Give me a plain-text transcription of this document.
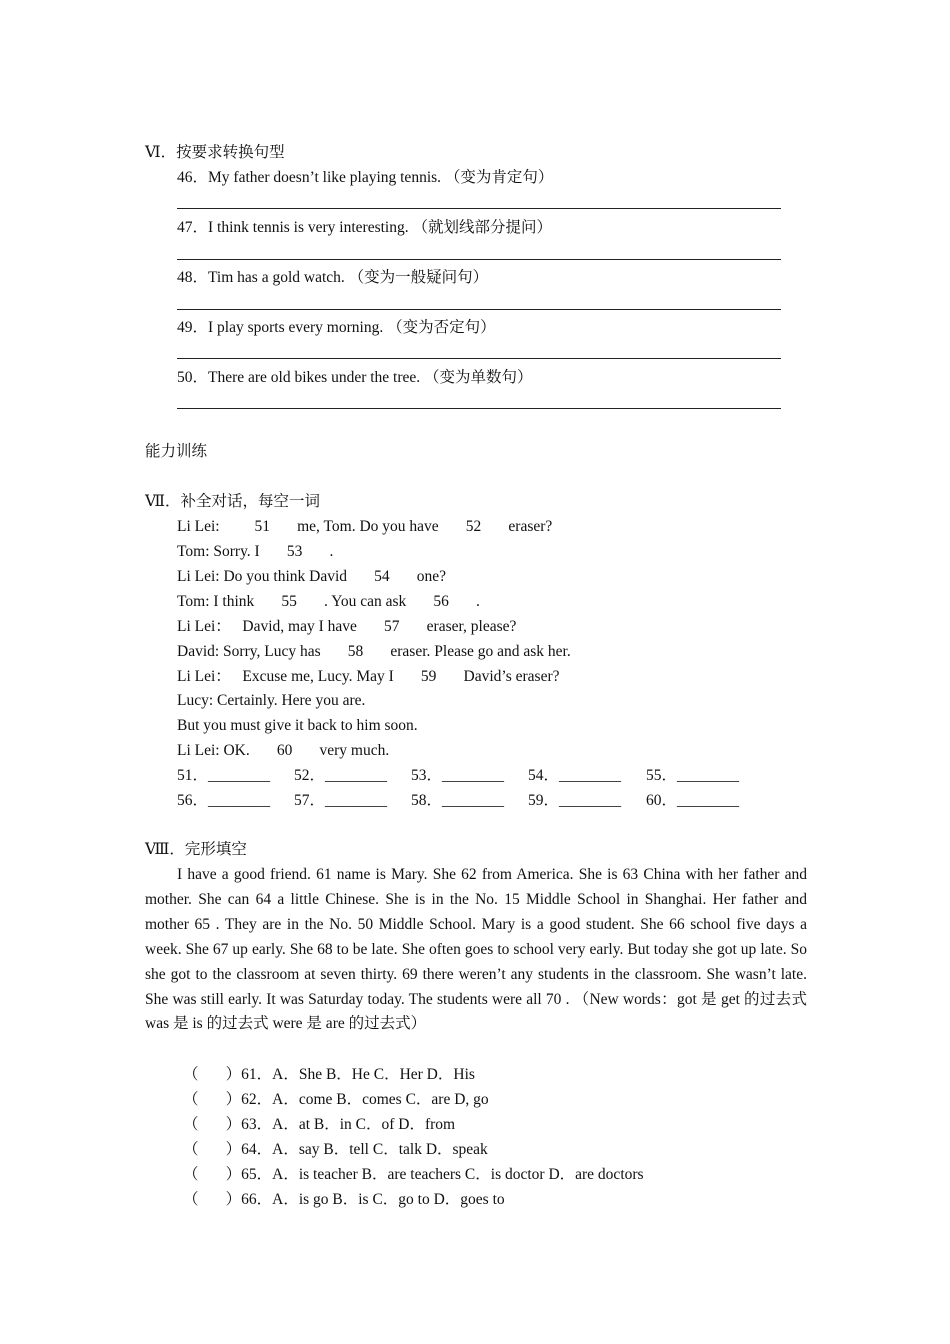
Ⅵ．按要求转换句型
46．My father doesn’t like playing tennis. （变为肯定句）
47．I think tennis is very interesting. （就划线部分提问）
48．Tim has a gold watch. （变为一般疑问句）
49．I play sports every morning. （变为否定句）
50．There are old bikes under the tree. （变为单数句）
能力训练
Ⅶ．补全对话，每空一词
Li Lei:         51       me, Tom. Do you have       52       eraser?
Tom: Sorry. I       53       .
Li Lei: Do you think David       54       one?
Tom: I think       55       . You can ask       56       .
Li Lei：   David, may I have       57       eraser, please?
David: Sorry, Lucy has       58       eraser. Please go and ask her.
Li Lei：   Excuse me, Lucy. May I       59       David’s eraser?
Lucy: Certainly. Here you are.
But you must give it back to him soon.
Li Lei: OK.       60       very much.
51．________ 52．________ 53．________ 54．________ 55．________
56．________ 57．________ 58．________ 59．________ 60．________
Ⅷ．完形填空
I have a good friend. 61 name is Mary. She 62 from America. She is 63 China with her father and mother. She can 64 a little Chinese. She is in the No. 15 Middle School in Shanghai. Her father and mother 65 . They are in the No. 50 Middle School. Mary is a good student. She 66 school five days a week. She 67 up early. She 68 to be late. She often goes to school very early. But today she got up late. So she got to the classroom at seven thirty. 69 there weren’t any students in the classroom. She wasn’t late. She was still early. It was Saturday today. The students were all 70 . （New words：got 是 get 的过去式 was 是 is 的过去式 were 是 are 的过去式）
（       ）61．A．She B．He C．Her D．His
（       ）62．A．come B．comes C．are D, go
（       ）63．A．at B．in C．of D．from
（       ）64．A．say B．tell C．talk D．speak
（       ）65．A．is teacher B．are teachers C．is doctor D．are doctors
（       ）66．A．is go B．is C．go to D．goes to
